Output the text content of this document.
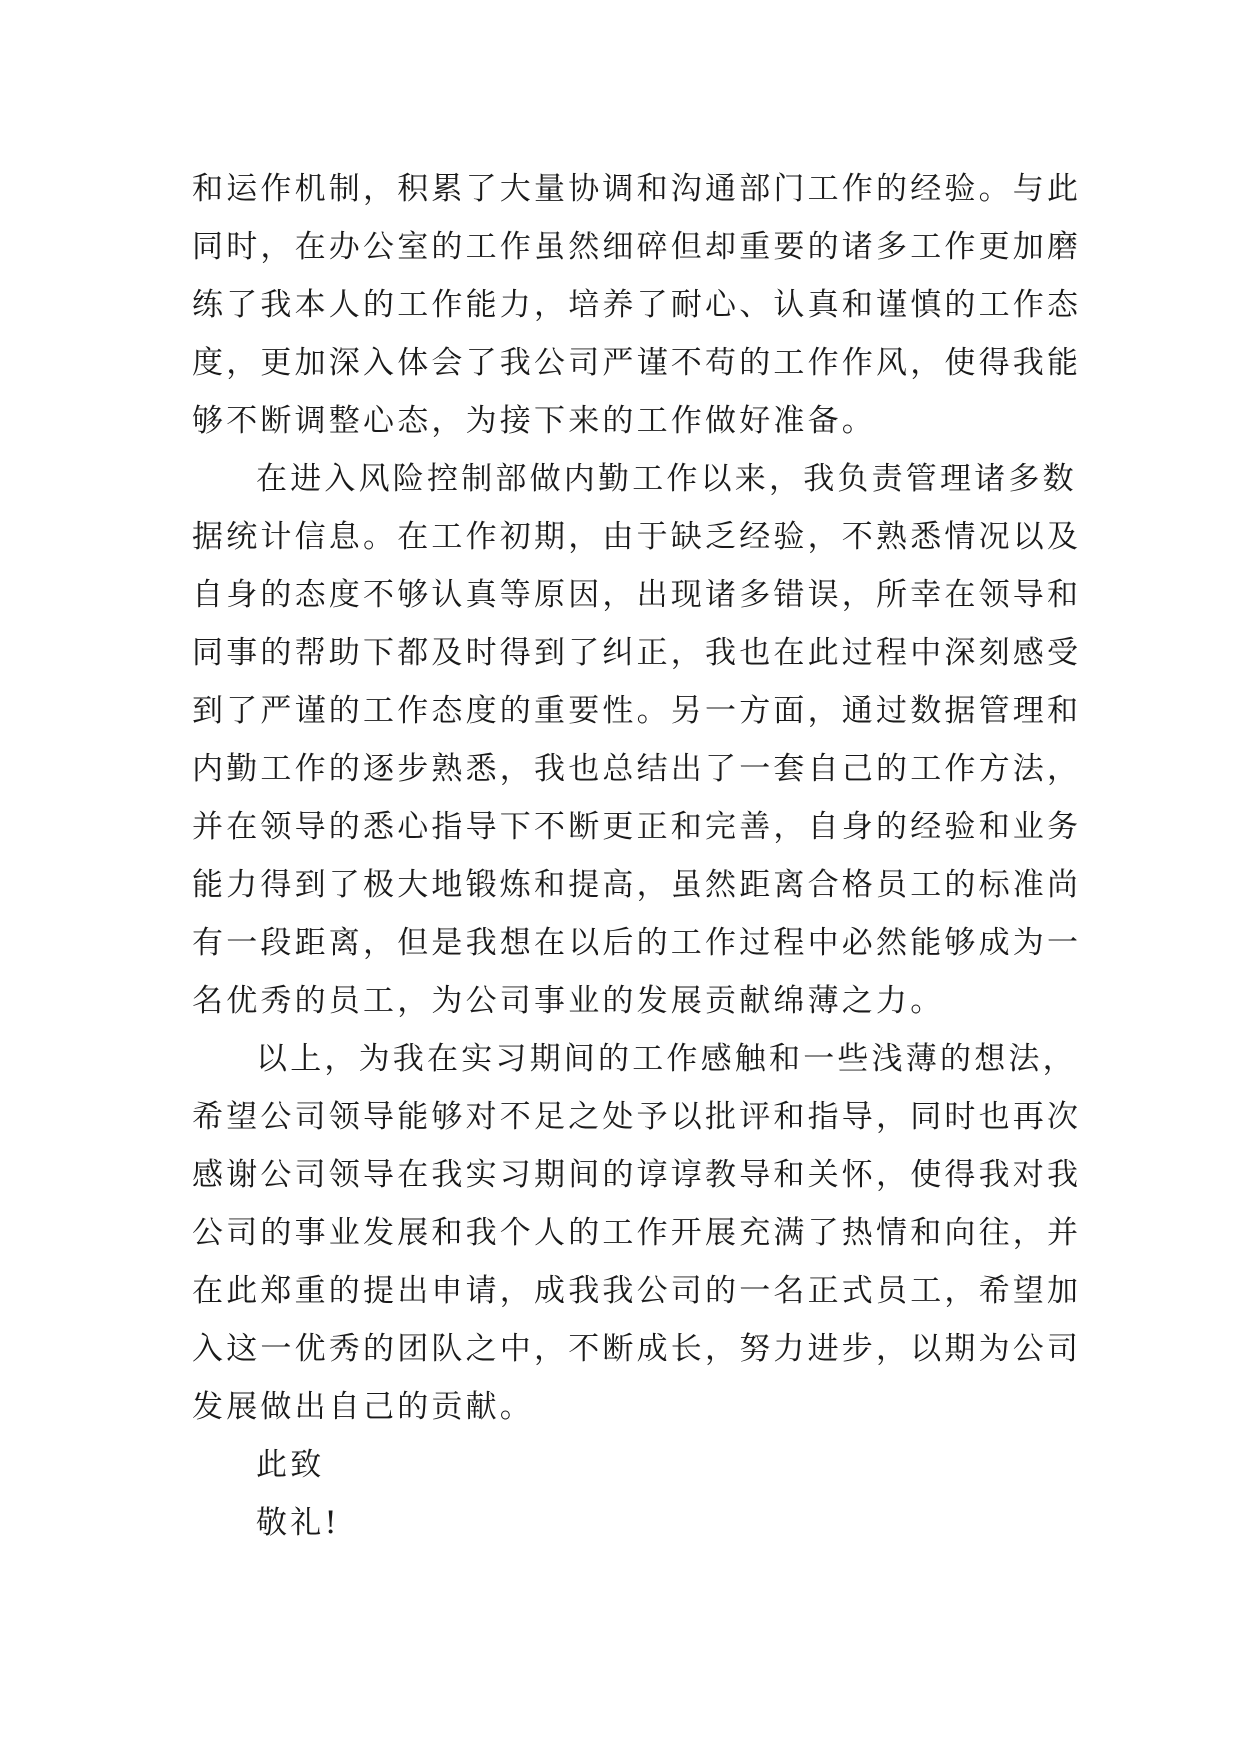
和运作机制，积累了大量协调和沟通部门工作的经验。与此
同时，在办公室的工作虽然细碎但却重要的诸多工作更加磨
练了我本人的工作能力，培养了耐心、认真和谨慎的工作态
度，更加深入体会了我公司严谨不苟的工作作风，使得我能
够不断调整心态，为接下来的工作做好准备。
在进入风险控制部做内勤工作以来，我负责管理诸多数
据统计信息。在工作初期，由于缺乏经验，不熟悉情况以及
自身的态度不够认真等原因，出现诸多错误，所幸在领导和
同事的帮助下都及时得到了纠正，我也在此过程中深刻感受
到了严谨的工作态度的重要性。另一方面，通过数据管理和
内勤工作的逐步熟悉，我也总结出了一套自己的工作方法，
并在领导的悉心指导下不断更正和完善，自身的经验和业务
能力得到了极大地锻炼和提高，虽然距离合格员工的标准尚
有一段距离，但是我想在以后的工作过程中必然能够成为一
名优秀的员工，为公司事业的发展贡献绵薄之力。
以上，为我在实习期间的工作感触和一些浅薄的想法，
希望公司领导能够对不足之处予以批评和指导，同时也再次
感谢公司领导在我实习期间的谆谆教导和关怀，使得我对我
公司的事业发展和我个人的工作开展充满了热情和向往，并
在此郑重的提出申请，成我我公司的一名正式员工，希望加
入这一优秀的团队之中，不断成长，努力进步，以期为公司
发展做出自己的贡献。
此致
敬礼!
